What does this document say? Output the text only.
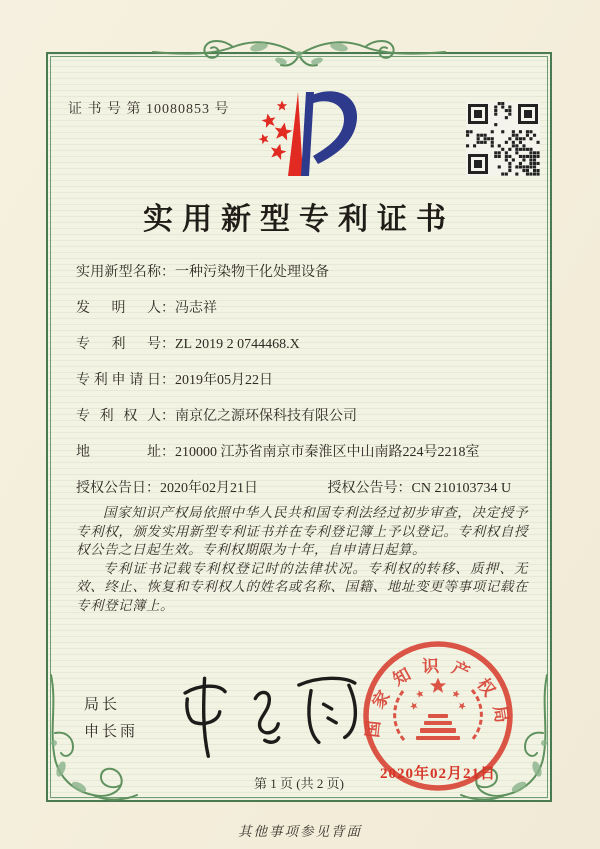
证 书 号 第 10080853 号
实用新型专利证书
实用新型名称：一种污染物干化处理设备
发明人：冯志祥
专利号：ZL 2019 2 0744468.X
专利申请日：2019年05月22日
专利权人：南京亿之源环保科技有限公司
地址：210000 江苏省南京市秦淮区中山南路224号2218室
授权公告日：2020年02月21日	授权公告号：CN 210103734 U

国家知识产权局依照中华人民共和国专利法经过初步审查，决定授予专利权，颁发实用新型专利证书并在专利登记簿上予以登记。专利权自授权公告之日起生效。专利权期限为十年，自申请日起算。

专利证书记载专利权登记时的法律状况。专利权的转移、质押、无效、终止、恢复和专利权人的姓名或名称、国籍、地址变更等事项记载在专利登记簿上。

局长
申长雨	国家知识产权局
2020年02月21日
第 1 页 (共 2 页)
其他事项参见背面
